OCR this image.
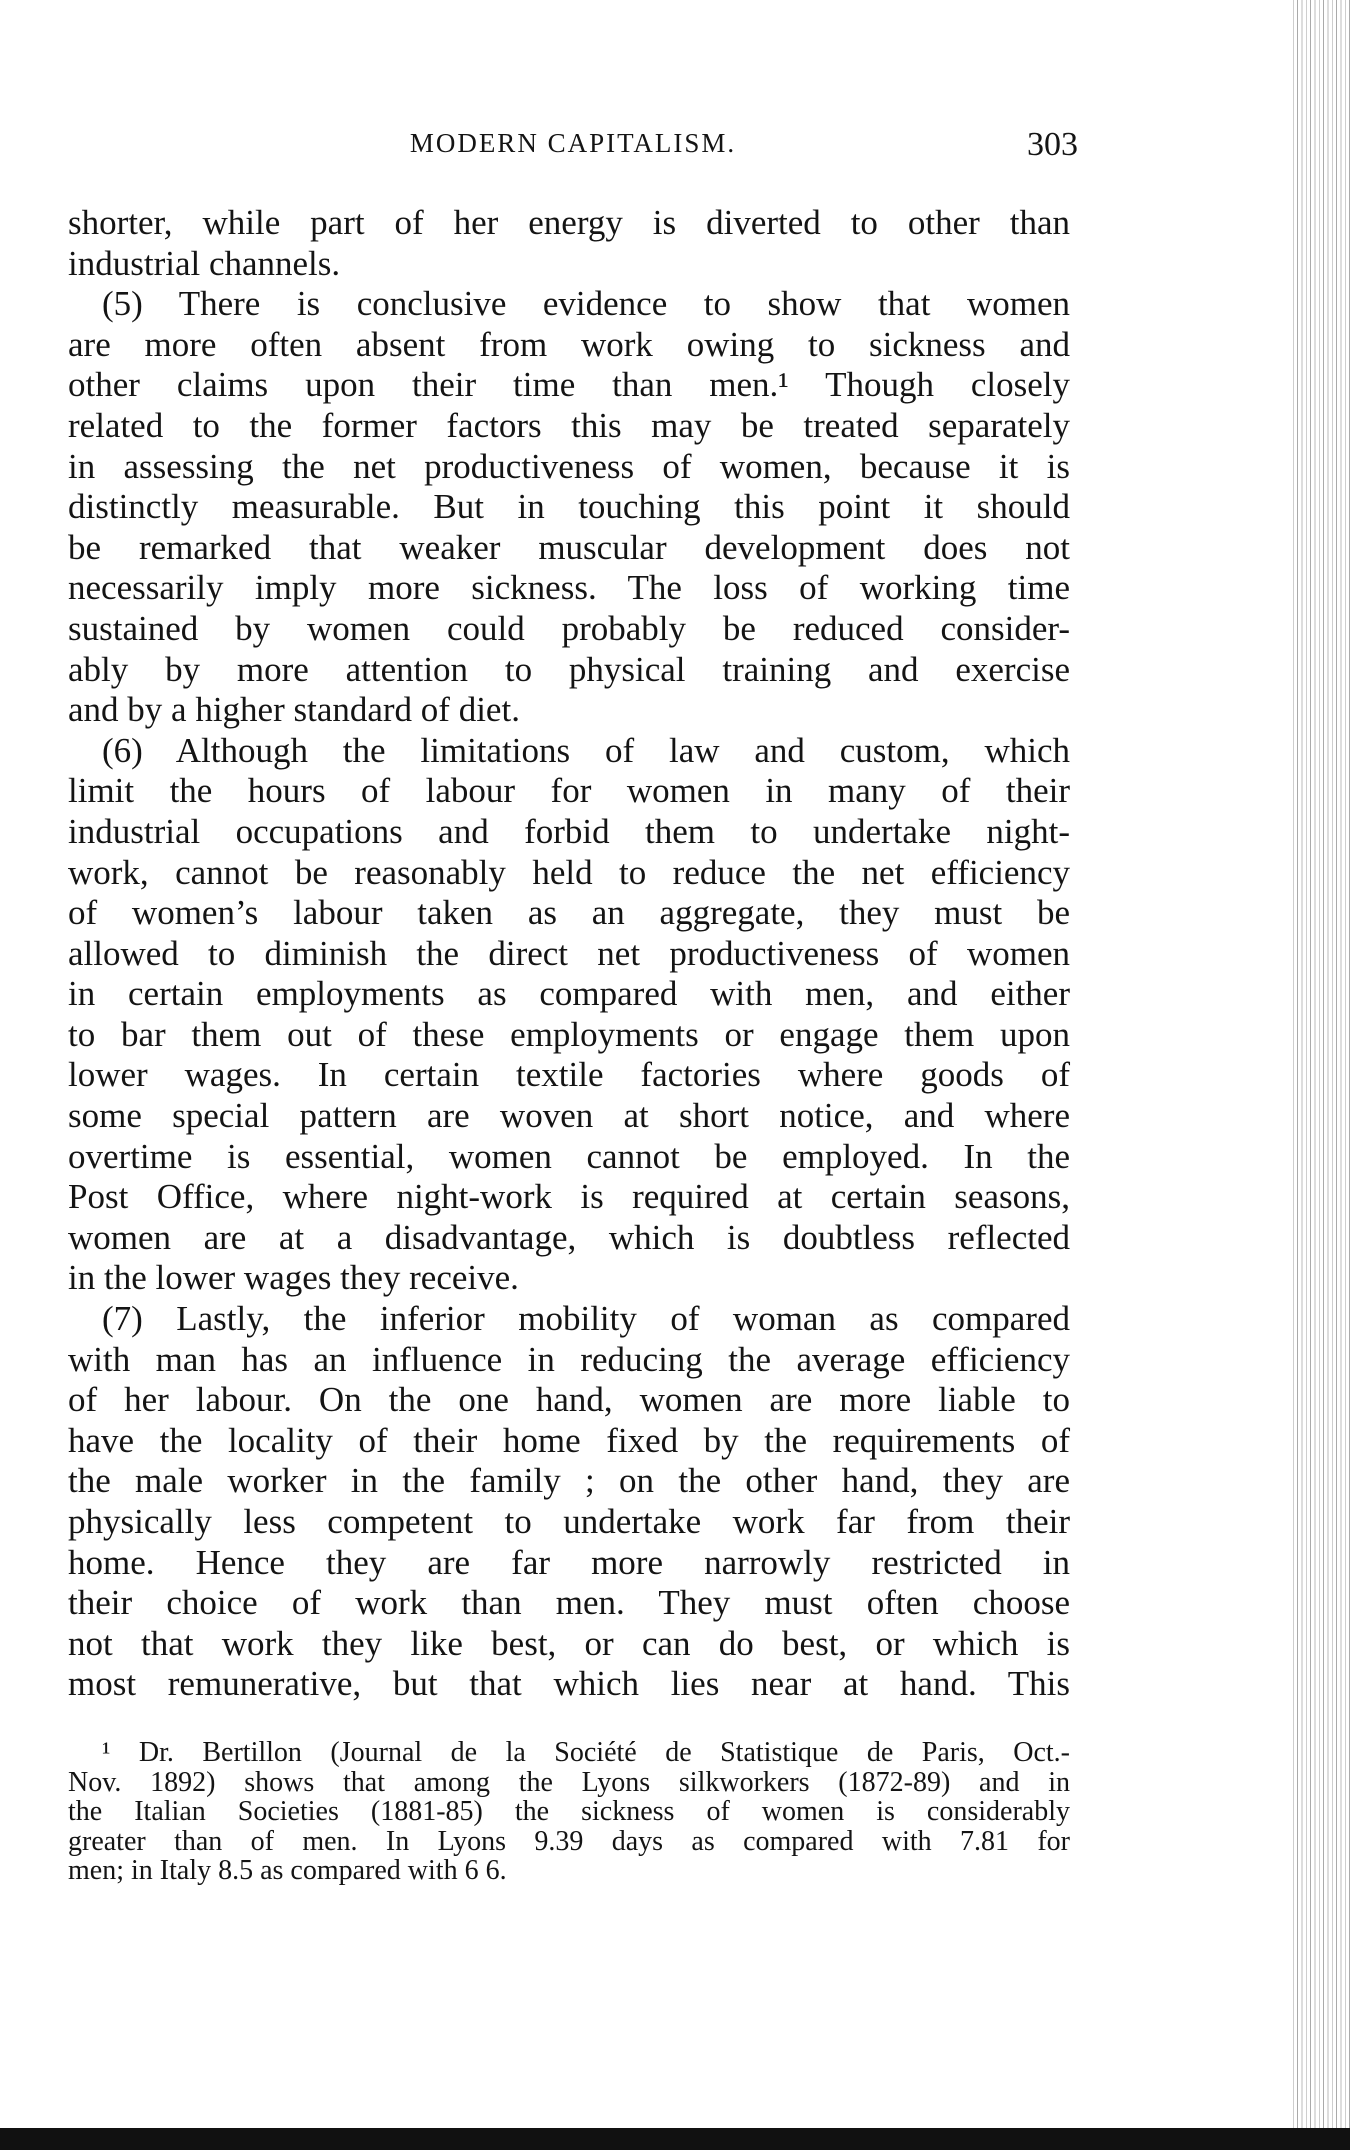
MODERN CAPITALISM.	303
shorter, while part of her energy is diverted to other than
industrial channels.
(5) There is conclusive evidence to show that women
are more often absent from work owing to sickness and
other claims upon their time than men.¹ Though closely
related to the former factors this may be treated separately
in assessing the net productiveness of women, because it is
distinctly measurable. But in touching this point it should
be remarked that weaker muscular development does not
necessarily imply more sickness. The loss of working time
sustained by women could probably be reduced consider-
ably by more attention to physical training and exercise
and by a higher standard of diet.
(6) Although the limitations of law and custom, which
limit the hours of labour for women in many of their
industrial occupations and forbid them to undertake night-
work, cannot be reasonably held to reduce the net efficiency
of women’s labour taken as an aggregate, they must be
allowed to diminish the direct net productiveness of women
in certain employments as compared with men, and either
to bar them out of these employments or engage them upon
lower wages. In certain textile factories where goods of
some special pattern are woven at short notice, and where
overtime is essential, women cannot be employed. In the
Post Office, where night-work is required at certain seasons,
women are at a disadvantage, which is doubtless reflected
in the lower wages they receive.
(7) Lastly, the inferior mobility of woman as compared
with man has an influence in reducing the average efficiency
of her labour. On the one hand, women are more liable to
have the locality of their home fixed by the requirements of
the male worker in the family ; on the other hand, they are
physically less competent to undertake work far from their
home. Hence they are far more narrowly restricted in
their choice of work than men. They must often choose
not that work they like best, or can do best, or which is
most remunerative, but that which lies near at hand. This
¹ Dr. Bertillon (Journal de la Société de Statistique de Paris, Oct.-
Nov. 1892) shows that among the Lyons silkworkers (1872-89) and in
the Italian Societies (1881-85) the sickness of women is considerably
greater than of men. In Lyons 9.39 days as compared with 7.81 for
men; in Italy 8.5 as compared with 6 6.
